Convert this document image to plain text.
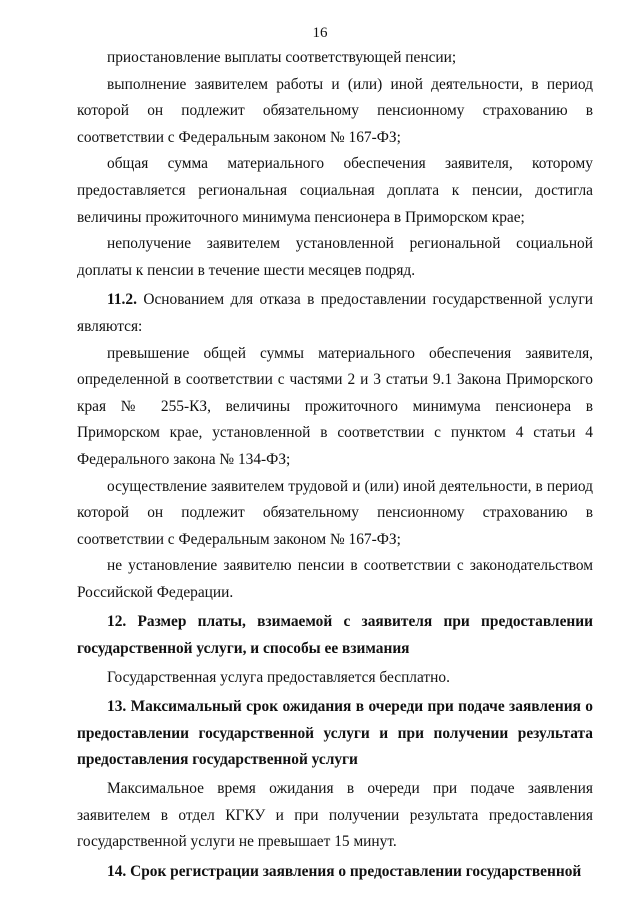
16

приостановление выплаты соответствующей пенсии;

выполнение заявителем работы и (или) иной деятельности, в период которой он подлежит обязательному пенсионному страхованию в соответствии с Федеральным законом № 167-ФЗ;

общая сумма материального обеспечения заявителя, которому предоставляется региональная социальная доплата к пенсии, достигла величины прожиточного минимума пенсионера в Приморском крае;

неполучение заявителем установленной региональной социальной доплаты к пенсии в течение шести месяцев подряд.

11.2. Основанием для отказа в предоставлении государственной услуги являются:

превышение общей суммы материального обеспечения заявителя, определенной в соответствии с частями 2 и 3 статьи 9.1 Закона Приморского края № 255-КЗ, величины прожиточного минимума пенсионера в Приморском крае, установленной в соответствии с пунктом 4 статьи 4 Федерального закона № 134-ФЗ;

осуществление заявителем трудовой и (или) иной деятельности, в период которой он подлежит обязательному пенсионному страхованию в соответствии с Федеральным законом № 167-ФЗ;

не установление заявителю пенсии в соответствии с законодательством Российской Федерации.

12. Размер платы, взимаемой с заявителя при предоставлении государственной услуги, и способы ее взимания

Государственная услуга предоставляется бесплатно.

13. Максимальный срок ожидания в очереди при подаче заявления о предоставлении государственной услуги и при получении результата предоставления государственной услуги

Максимальное время ожидания в очереди при подаче заявления заявителем в отдел КГКУ и при получении результата предоставления государственной услуги не превышает 15 минут.

14. Срок регистрации заявления о предоставлении государственной
